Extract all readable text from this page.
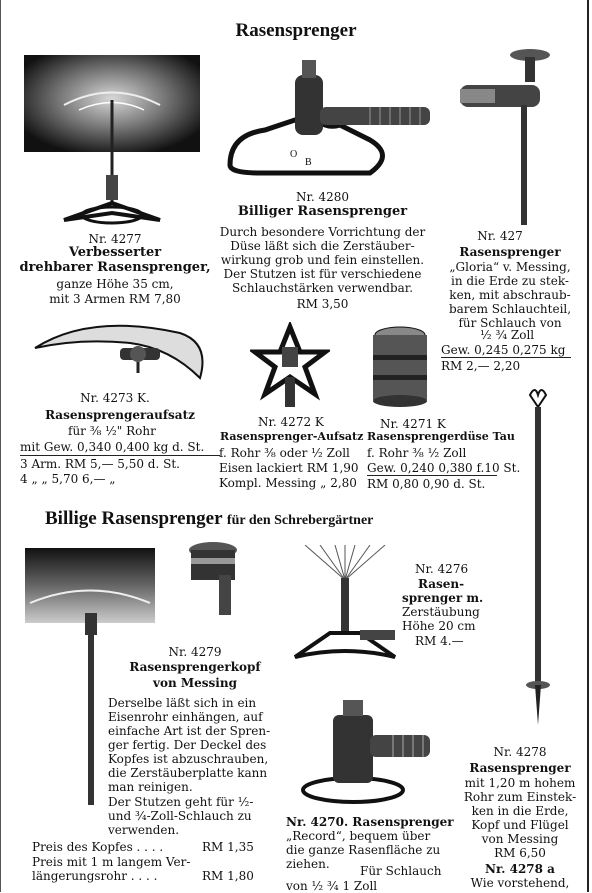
Rasensprenger
Nr. 4277
Verbesserter
drehbarer Rasensprenger,
ganze Höhe 35 cm,
mit 3 Armen RM 7,80
O
B
Nr. 4280
Billiger Rasensprenger
Durch besondere Vorrichtung der
Düse läßt sich die Zerstäuber-
wirkung grob und fein einstellen.
Der Stutzen ist für verschiedene
Schlauchstärken verwendbar.
RM 3,50
Nr. 427
Rasensprenger
„Gloria“ v. Messing,
in die Erde zu stek-
ken, mit abschraub-
barem Schlauchteil,
für Schlauch von
½ ¾ Zoll
Gew. 0,245 0,275 kg
RM 2,— 2,20
Nr. 4273 K.
Rasensprengeraufsatz
für ⅜ ½" Rohr
mit Gew. 0,340 0,400 kg d. St.
3 Arm. RM 5,— 5,50 d. St.
4 „ „ 5,70 6,— „
Nr. 4272 K
Rasensprenger-Aufsatz
f. Rohr ⅜ oder ½ Zoll
Eisen lackiert RM 1,90
Kompl. Messing „ 2,80
Nr. 4271 K
Rasensprengerdüse Tau
f. Rohr ⅜ ½ Zoll
Gew. 0,240 0,380 f.10 St.
RM 0,80 0,90 d. St.
Billige Rasensprenger für den Schrebergärtner
Nr. 4279
Rasensprengerkopf
von Messing
Derselbe läßt sich in ein
Eisenrohr einhängen, auf
einfache Art ist der Spren-
ger fertig. Der Deckel des
Kopfes ist abzuschrauben,
die Zerstäuberplatte kann
man reinigen.
Der Stutzen geht für ½-
und ¾-Zoll-Schlauch zu
verwenden.
Preis des Kopfes . . . .	RM 1,35
Preis mit 1 m langem Ver-
längerungsrohr . . . .	RM 1,80
Nr. 4276
Rasen-
sprenger m.
Zerstäubung
Höhe 20 cm
RM 4.—
Nr. 4270. Rasensprenger
„Record“, bequem über
die ganze Rasenfläche zu
ziehen.	Für Schlauch
von ½ ¾ 1 Zoll
Nr. 4278
Rasensprenger
mit 1,20 m hohem
Rohr zum Einstek-
ken in die Erde,
Kopf und Flügel
von Messing
RM 6,50
Nr. 4278 a
Wie vorstehend,
